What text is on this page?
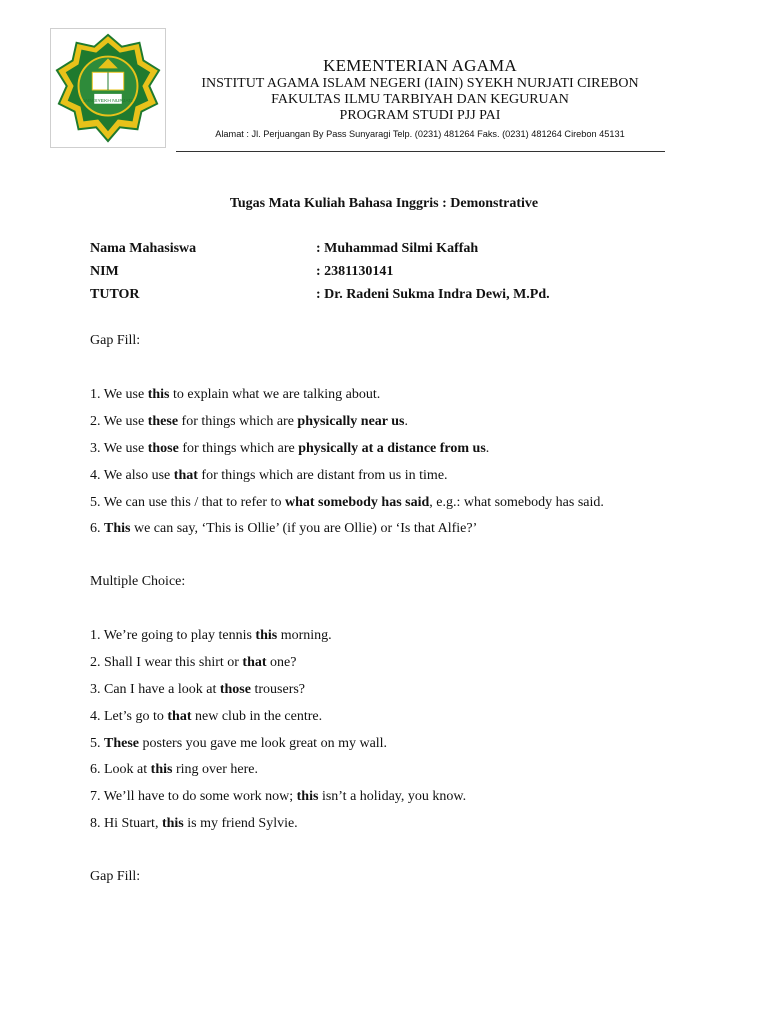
IAIN SYEKH NURJATI
KEMENTERIAN AGAMA
INSTITUT AGAMA ISLAM NEGERI (IAIN) SYEKH NURJATI CIREBON
FAKULTAS ILMU TARBIYAH DAN KEGURUAN
PROGRAM STUDI PJJ PAI
Alamat : Jl. Perjuangan By Pass Sunyaragi Telp. (0231) 481264 Faks. (0231) 481264 Cirebon 45131
Tugas Mata Kuliah Bahasa Inggris : Demonstrative
Nama Mahasiswa	: Muhammad Silmi Kaffah
NIM	: 2381130141
TUTOR	: Dr. Radeni Sukma Indra Dewi, M.Pd.
Gap Fill:
1. We use this to explain what we are talking about.
2. We use these for things which are physically near us.
3. We use those for things which are physically at a distance from us.
4. We also use that for things which are distant from us in time.
5. We can use this / that to refer to what somebody has said, e.g.: what somebody has said.
6. This we can say, ‘This is Ollie’ (if you are Ollie) or ‘Is that Alfie?’
Multiple Choice:
1. We’re going to play tennis this morning.
2. Shall I wear this shirt or that one?
3. Can I have a look at those trousers?
4. Let’s go to that new club in the centre.
5. These posters you gave me look great on my wall.
6. Look at this ring over here.
7. We’ll have to do some work now; this isn’t a holiday, you know.
8. Hi Stuart, this is my friend Sylvie.
Gap Fill:
